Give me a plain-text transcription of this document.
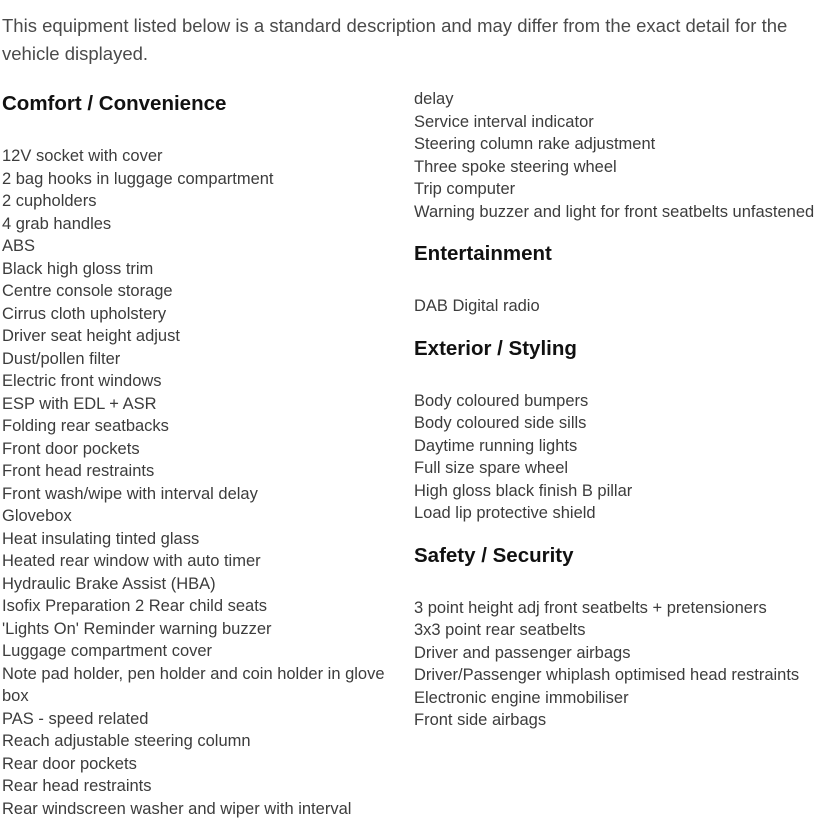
This equipment listed below is a standard description and may differ from the exact detail for the vehicle displayed.

Comfort / Convenience
12V socket with cover
2 bag hooks in luggage compartment
2 cupholders
4 grab handles
ABS
Black high gloss trim
Centre console storage
Cirrus cloth upholstery
Driver seat height adjust
Dust/pollen filter
Electric front windows
ESP with EDL + ASR
Folding rear seatbacks
Front door pockets
Front head restraints
Front wash/wipe with interval delay
Glovebox
Heat insulating tinted glass
Heated rear window with auto timer
Hydraulic Brake Assist (HBA)
Isofix Preparation 2 Rear child seats
'Lights On' Reminder warning buzzer
Luggage compartment cover
Note pad holder, pen holder and coin holder in glove box
PAS - speed related
Reach adjustable steering column
Rear door pockets
Rear head restraints
Rear windscreen washer and wiper with interval
delay
Service interval indicator
Steering column rake adjustment
Three spoke steering wheel
Trip computer
Warning buzzer and light for front seatbelts unfastened
Entertainment
DAB Digital radio
Exterior / Styling
Body coloured bumpers
Body coloured side sills
Daytime running lights
Full size spare wheel
High gloss black finish B pillar
Load lip protective shield
Safety / Security
3 point height adj front seatbelts + pretensioners
3x3 point rear seatbelts
Driver and passenger airbags
Driver/Passenger whiplash optimised head restraints
Electronic engine immobiliser
Front side airbags
